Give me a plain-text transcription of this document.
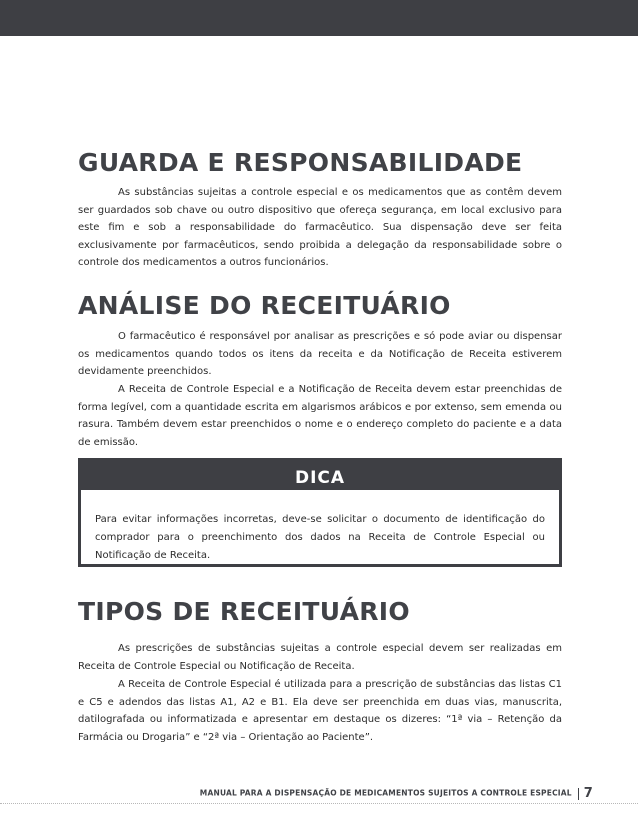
GUARDA E RESPONSABILIDADE

As substâncias sujeitas a controle especial e os medicamentos que as contêm devem ser guardados sob chave ou outro dispositivo que ofereça segurança, em local exclusivo para este fim e sob a responsabilidade do farmacêutico. Sua dispensação deve ser feita exclusivamente por farmacêuticos, sendo proibida a delegação da responsabilidade sobre o controle dos medicamentos a outros funcionários.

ANÁLISE DO RECEITUÁRIO

O farmacêutico é responsável por analisar as prescrições e só pode aviar ou dispensar os medicamentos quando todos os itens da receita e da Notificação de Receita estiverem devidamente preenchidos.

A Receita de Controle Especial e a Notificação de Receita devem estar preenchidas de forma legível, com a quantidade escrita em algarismos arábicos e por extenso, sem emenda ou rasura. Também devem estar preenchidos o nome e o endereço completo do paciente e a data de emissão.

DICA

Para evitar informações incorretas, deve-se solicitar o documento de identificação do comprador para o preenchimento dos dados na Receita de Controle Especial ou Notificação de Receita.

TIPOS DE RECEITUÁRIO

As prescrições de substâncias sujeitas a controle especial devem ser realizadas em Receita de Controle Especial ou Notificação de Receita.

A Receita de Controle Especial é utilizada para a prescrição de substâncias das listas C1 e C5 e adendos das listas A1, A2 e B1. Ela deve ser preenchida em duas vias, manuscrita, datilografada ou informatizada e apresentar em destaque os dizeres: “1ª via – Retenção da Farmácia ou Drogaria” e “2ª via – Orientação ao Paciente”.

MANUAL PARA A DISPENSAÇÃO DE MEDICAMENTOS SUJEITOS A CONTROLE ESPECIAL 7
